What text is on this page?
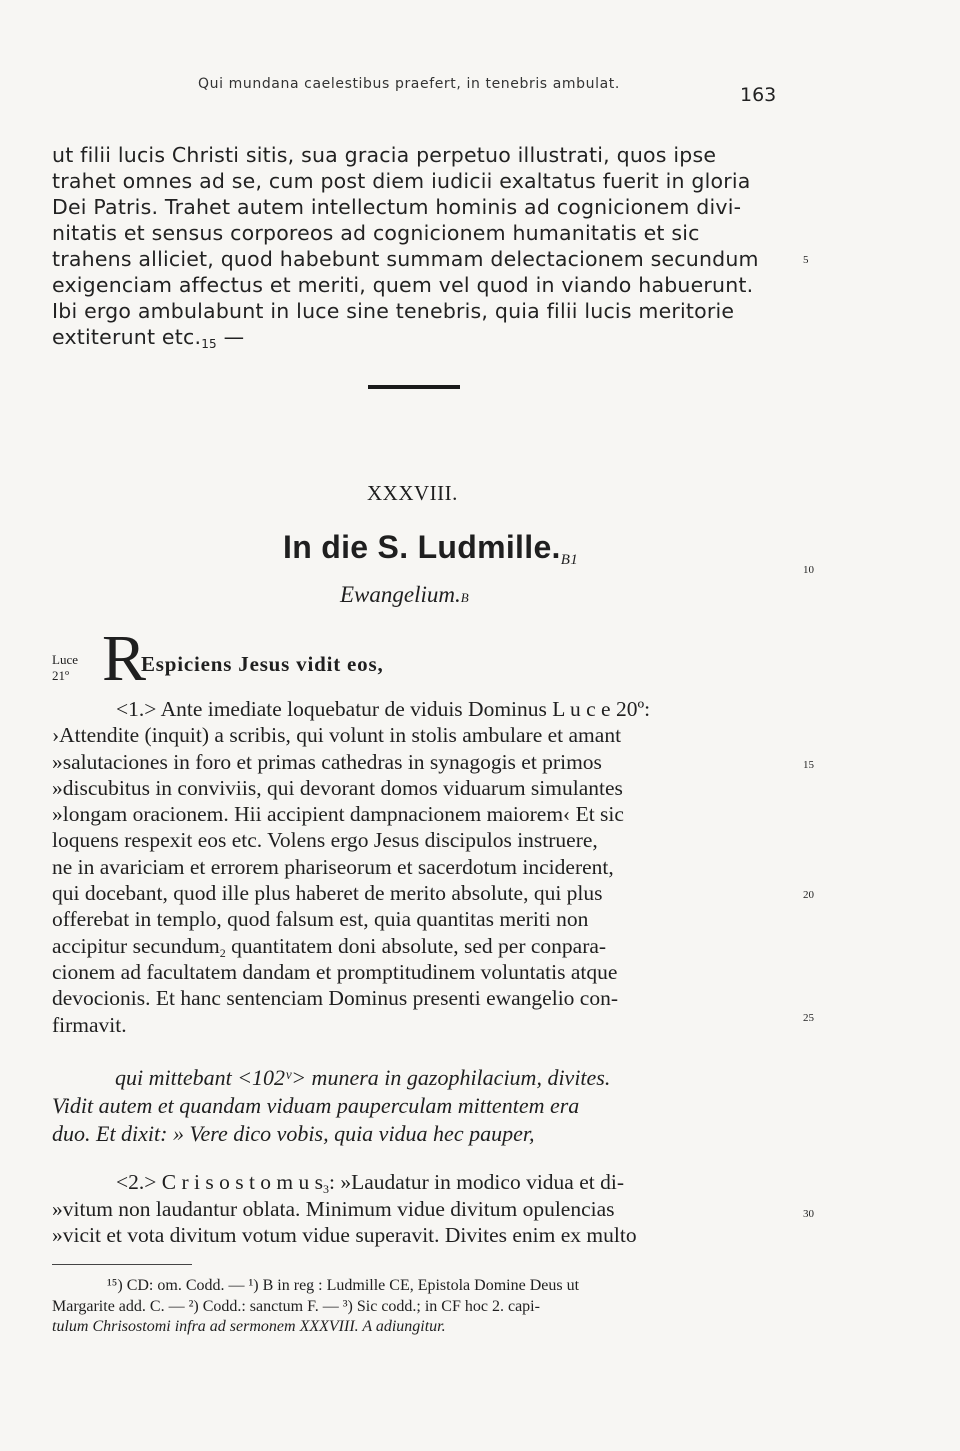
Qui mundana caelestibus praefert, in tenebris ambulat.	163
ut filii lucis Christi sitis, sua gracia perpetuo illustrati, quos ipse
trahet omnes ad se, cum post diem iudicii exaltatus fuerit in gloria
Dei Patris. Trahet autem intellectum hominis ad cognicionem divi-
nitatis et sensus corporeos ad cognicionem humanitatis et sic
trahens alliciet, quod habebunt summam delectacionem secundum
exigenciam affectus et meriti, quem vel quod in viando habuerunt.
Ibi ergo ambulabunt in luce sine tenebris, quia filii lucis meritorie
extiterunt $etc._{15}$ —
XXXVIII.
In die S. Ludmille.B1
Ewangelium.B
Luce
21º R
Espiciens Jesus vidit eos,
<1.> Ante imediate loquebatur de viduis Dominus L u c e 20º:
›Attendite (inquit) a scribis, qui volunt in stolis ambulare et amant
»salutaciones in foro et primas cathedras in synagogis et primos
»discubitus in conviviis, qui devorant domos viduarum simulantes
»longam oracionem. Hii accipient dampnacionem maiorem‹ Et sic
loquens respexit eos etc. Volens ergo Jesus discipulos instruere,
ne in avariciam et errorem phariseorum et sacerdotum inciderent,
qui docebant, quod ille plus haberet de merito absolute, qui plus
offerebat in templo, quod falsum est, quia quantitas meriti non
accipitur secundum$_2$ quantitatem doni absolute, sed per conpara-
cionem ad facultatem dandam et promptitudinem voluntatis atque
devocionis. Et hanc sentenciam Dominus presenti ewangelio con-
firmavit.
qui mittebant <102ᵛ> munera in gazophilacium, divites.
Vidit autem et quandam viduam pauperculam mittentem era
duo. Et dixit: » Vere dico vobis, quia vidua hec pauper,
<2.> C r i s o s t o m u $s_3$: »Laudatur in modico vidua et di-
»vitum non laudantur oblata. Minimum vidue divitum opulencias
»vicit et vota divitum votum vidue superavit. Divites enim ex multo
5
10
15
20
25
30
¹⁵) CD: om. Codd. — ¹) B in reg : Ludmille CE, Epistola Domine Deus ut
Margarite add. C. — ²) Codd.: sanctum F. — ³) Sic codd.; in CF hoc 2. capi-
tulum Chrisostomi infra ad sermonem XXXVIII. A adiungitur.
